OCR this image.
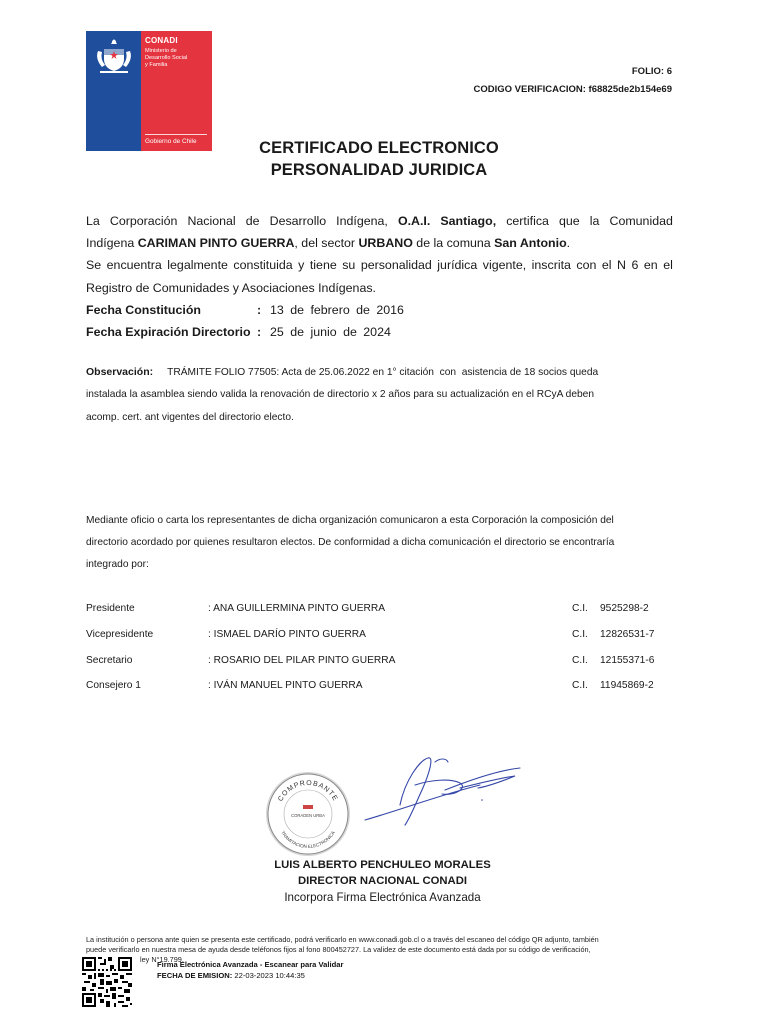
CONADI
Ministerio de
Desarrollo Social
y Familia
Gobierno de Chile
FOLIO: 6
CODIGO VERIFICACION: f68825de2b154e69
CERTIFICADO ELECTRONICO
PERSONALIDAD JURIDICA
La Corporación Nacional de Desarrollo Indígena, O.A.I. Santiago, certifica que la Comunidad
Indígena CARIMAN PINTO GUERRA, del sector URBANO de la comuna San Antonio.
Se encuentra legalmente constituida y tiene su personalidad jurídica vigente, inscrita con el N 6 en el
Registro de Comunidades y Asociaciones Indígenas.
Fecha Constitución	: 13 de febrero de 2016
Fecha Expiración Directorio : 25 de junio de 2024
Observación: TRÁMITE FOLIO 77505: Acta de 25.06.2022 en 1° citación  con  asistencia de 18 socios queda
instalada la asamblea siendo valida la renovación de directorio x 2 años para su actualización en el RCyA deben
acomp. cert. ant vigentes del directorio electo.
Mediante oficio o carta los representantes de dicha organización comunicaron a esta Corporación la composición del
directorio acordado por quienes resultaron electos. De conformidad a dicha comunicación el directorio se encontraría
integrado por:
Presidente	: ANA GUILLERMINA PINTO GUERRA	C.I. 9525298-2
Vicepresidente	: ISMAEL DARÍO PINTO GUERRA	C.I. 12826531-7
Secretario	: ROSARIO DEL PILAR PINTO GUERRA	C.I. 12155371-6
Consejero 1	: IVÁN MANUEL PINTO GUERRA	C.I. 11945869-2
COMPROBANTE
CORADEN URBA
TRAMITACION ELECTRONICA
LUIS ALBERTO PENCHULEO MORALES
DIRECTOR NACIONAL CONADI
Incorpora Firma Electrónica Avanzada
La institución o persona ante quien se presenta este certificado, podrá verificarlo en www.conadi.gob.cl o a través del escaneo del código QR adjunto, también
puede verificarlo en nuestra mesa de ayuda desde teléfonos fijos al fono 800452727. La validez de este documento está dada por su código de verificación,
ley N°19.799.
Firma Electrónica Avanzada - Escanear para Validar
FECHA DE EMISION: 22-03-2023 10:44:35
